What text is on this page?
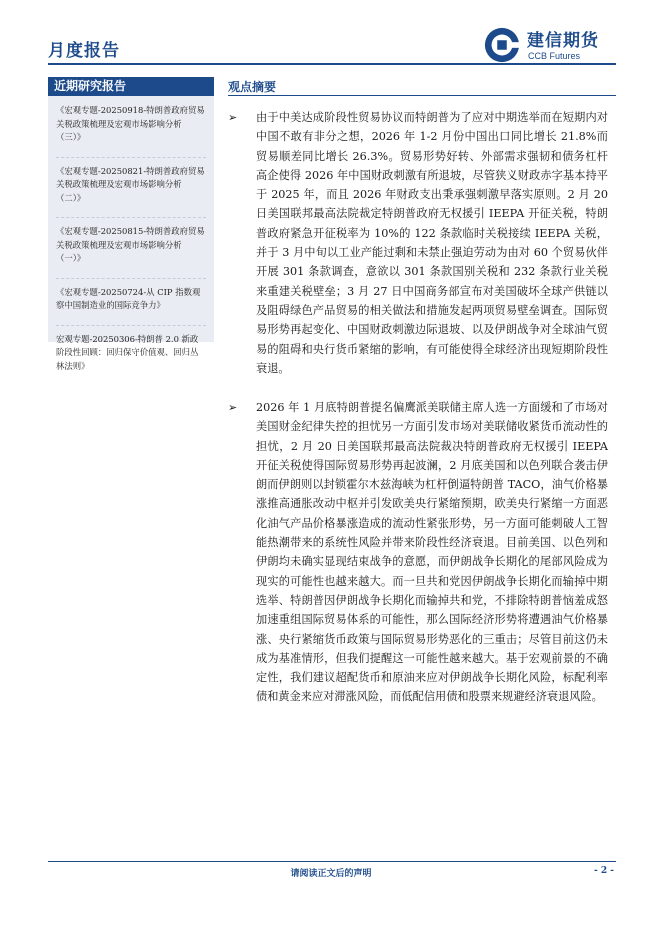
月度报告	建信期货
CCB Futures
近期研究报告
《宏观专题-20250918-特朗普政府贸易关税政策梳理及宏观市场影响分析（三）》
《宏观专题-20250821-特朗普政府贸易关税政策梳理及宏观市场影响分析（二）》
《宏观专题-20250815-特朗普政府贸易关税政策梳理及宏观市场影响分析（一）》
《宏观专题-20250724-从 CIP 指数观察中国制造业的国际竞争力》
宏观专题-20250306-特朗普 2.0 新政阶段性回顾：回归保守价值观、回归丛林法则》
观点摘要
➢ 由于中美达成阶段性贸易协议而特朗普为了应对中期选举而在短期内对中国不敢有非分之想，2026 年 1-2 月份中国出口同比增长 21.8%而贸易顺差同比增长 26.3%。贸易形势好转、外部需求强韧和债务杠杆高企使得 2026 年中国财政刺激有所退坡，尽管狭义财政赤字基本持平于 2025 年，而且 2026 年财政支出秉承强刺激早落实原则。2 月 20 日美国联邦最高法院裁定特朗普政府无权援引 IEEPA 开征关税，特朗普政府紧急开征税率为 10%的 122 条款临时关税接续 IEEPA 关税，并于 3 月中旬以工业产能过剩和未禁止强迫劳动为由对 60 个贸易伙伴开展 301 条款调查，意欲以 301 条款国别关税和 232 条款行业关税来重建关税壁垒；3 月 27 日中国商务部宣布对美国破坏全球产供链以及阻碍绿色产品贸易的相关做法和措施发起两项贸易壁垒调查。国际贸易形势再起变化、中国财政刺激边际退坡、以及伊朗战争对全球油气贸易的阻碍和央行货币紧缩的影响，有可能使得全球经济出现短期阶段性衰退。
➢ 2026 年 1 月底特朗普提名偏鹰派美联储主席人选一方面缓和了市场对美国财金纪律失控的担忧另一方面引发市场对美联储收紧货币流动性的担忧，2 月 20 日美国联邦最高法院裁决特朗普政府无权援引 IEEPA 开征关税使得国际贸易形势再起波澜，2 月底美国和以色列联合袭击伊朗而伊朗则以封锁霍尔木兹海峡为杠杆倒逼特朗普 TACO，油气价格暴涨推高通胀改动中枢并引发欧美央行紧缩预期，欧美央行紧缩一方面恶化油气产品价格暴涨造成的流动性紧张形势，另一方面可能刺破人工智能热潮带来的系统性风险并带来阶段性经济衰退。目前美国、以色列和伊朗均未确实显现结束战争的意愿，而伊朗战争长期化的尾部风险成为现实的可能性也越来越大。而一旦共和党因伊朗战争长期化而输掉中期选举、特朗普因伊朗战争长期化而输掉共和党，不排除特朗普恼羞成怒加速重组国际贸易体系的可能性，那么国际经济形势将遭遇油气价格暴涨、央行紧缩货币政策与国际贸易形势恶化的三重击；尽管目前这仍未成为基准情形，但我们提醒这一可能性越来越大。基于宏观前景的不确定性，我们建议超配货币和原油来应对伊朗战争长期化风险，标配利率债和黄金来应对滞涨风险，而低配信用债和股票来规避经济衰退风险。
请阅读正文后的声明	- 2 -
